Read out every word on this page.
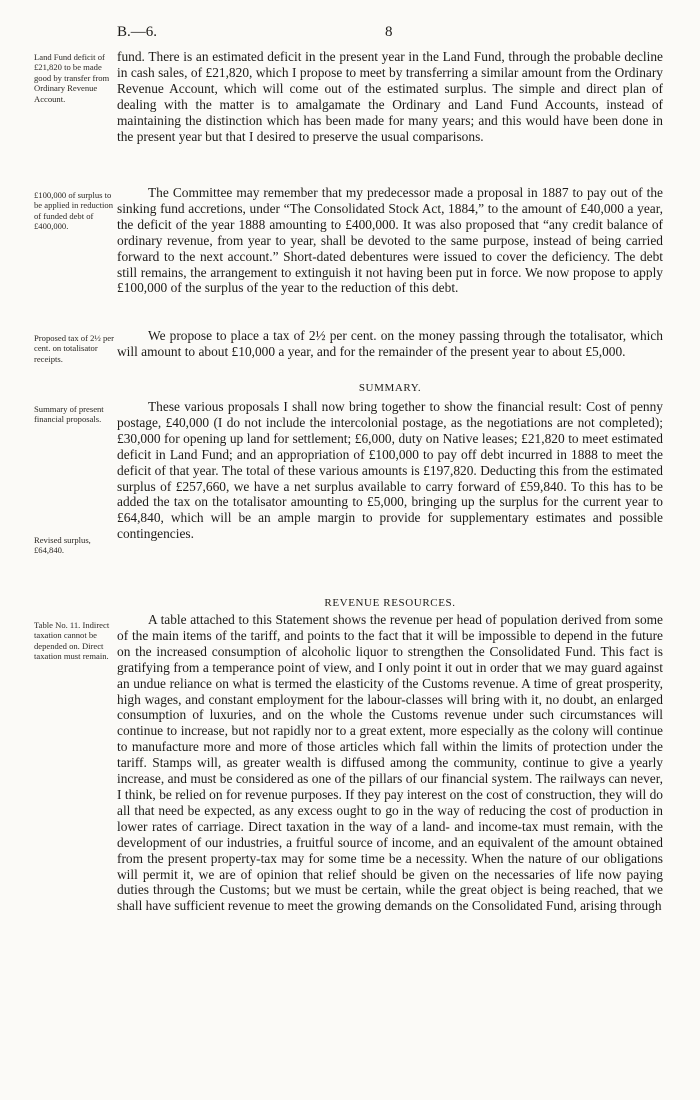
B.—6.	8
Land Fund deficit of £21,820 to be made good by transfer from Ordinary Revenue Account.

fund. There is an estimated deficit in the present year in the Land Fund, through the probable decline in cash sales, of £21,820, which I propose to meet by transferring a similar amount from the Ordinary Revenue Account, which will come out of the estimated surplus. The simple and direct plan of dealing with the matter is to amalgamate the Ordinary and Land Fund Accounts, instead of maintaining the distinction which has been made for many years; and this would have been done in the present year but that I desired to preserve the usual comparisons.

£100,000 of surplus to be applied in reduction of funded debt of £400,000.

The Committee may remember that my predecessor made a proposal in 1887 to pay out of the sinking fund accretions, under “The Consolidated Stock Act, 1884,” to the amount of £40,000 a year, the deficit of the year 1888 amounting to £400,000. It was also proposed that “any credit balance of ordinary revenue, from year to year, shall be devoted to the same purpose, instead of being carried forward to the next account.” Short-dated debentures were issued to cover the deficiency. The debt still remains, the arrangement to extinguish it not having been put in force. We now propose to apply £100,000 of the surplus of the year to the reduction of this debt.

Proposed tax of 2½ per cent. on totalisator receipts.

We propose to place a tax of 2½ per cent. on the money passing through the totalisator, which will amount to about £10,000 a year, and for the remainder of the present year to about £5,000.

SUMMARY.
Summary of present financial proposals.
Revised surplus, £64,840.

These various proposals I shall now bring together to show the financial result: Cost of penny postage, £40,000 (I do not include the intercolonial postage, as the negotiations are not completed); £30,000 for opening up land for settlement; £6,000, duty on Native leases; £21,820 to meet estimated deficit in Land Fund; and an appropriation of £100,000 to pay off debt incurred in 1888 to meet the deficit of that year. The total of these various amounts is £197,820. Deducting this from the estimated surplus of £257,660, we have a net surplus available to carry forward of £59,840. To this has to be added the tax on the totalisator amounting to £5,000, bringing up the surplus for the current year to £64,840, which will be an ample margin to provide for supplementary estimates and possible contingencies.

REVENUE RESOURCES.
Table No. 11. Indirect taxation cannot be depended on. Direct taxation must remain.

A table attached to this Statement shows the revenue per head of population derived from some of the main items of the tariff, and points to the fact that it will be impossible to depend in the future on the increased consumption of alcoholic liquor to strengthen the Consolidated Fund. This fact is gratifying from a temperance point of view, and I only point it out in order that we may guard against an undue reliance on what is termed the elasticity of the Customs revenue. A time of great prosperity, high wages, and constant employment for the labour-classes will bring with it, no doubt, an enlarged consumption of luxuries, and on the whole the Customs revenue under such circumstances will continue to increase, but not rapidly nor to a great extent, more especially as the colony will continue to manufacture more and more of those articles which fall within the limits of protection under the tariff. Stamps will, as greater wealth is diffused among the community, continue to give a yearly increase, and must be considered as one of the pillars of our financial system. The railways can never, I think, be relied on for revenue purposes. If they pay interest on the cost of construction, they will do all that need be expected, as any excess ought to go in the way of reducing the cost of production in lower rates of carriage. Direct taxation in the way of a land- and income-tax must remain, with the development of our industries, a fruitful source of income, and an equivalent of the amount obtained from the present property-tax may for some time be a necessity. When the nature of our obligations will permit it, we are of opinion that relief should be given on the necessaries of life now paying duties through the Customs; but we must be certain, while the great object is being reached, that we shall have sufficient revenue to meet the growing demands on the Consolidated Fund, arising through
